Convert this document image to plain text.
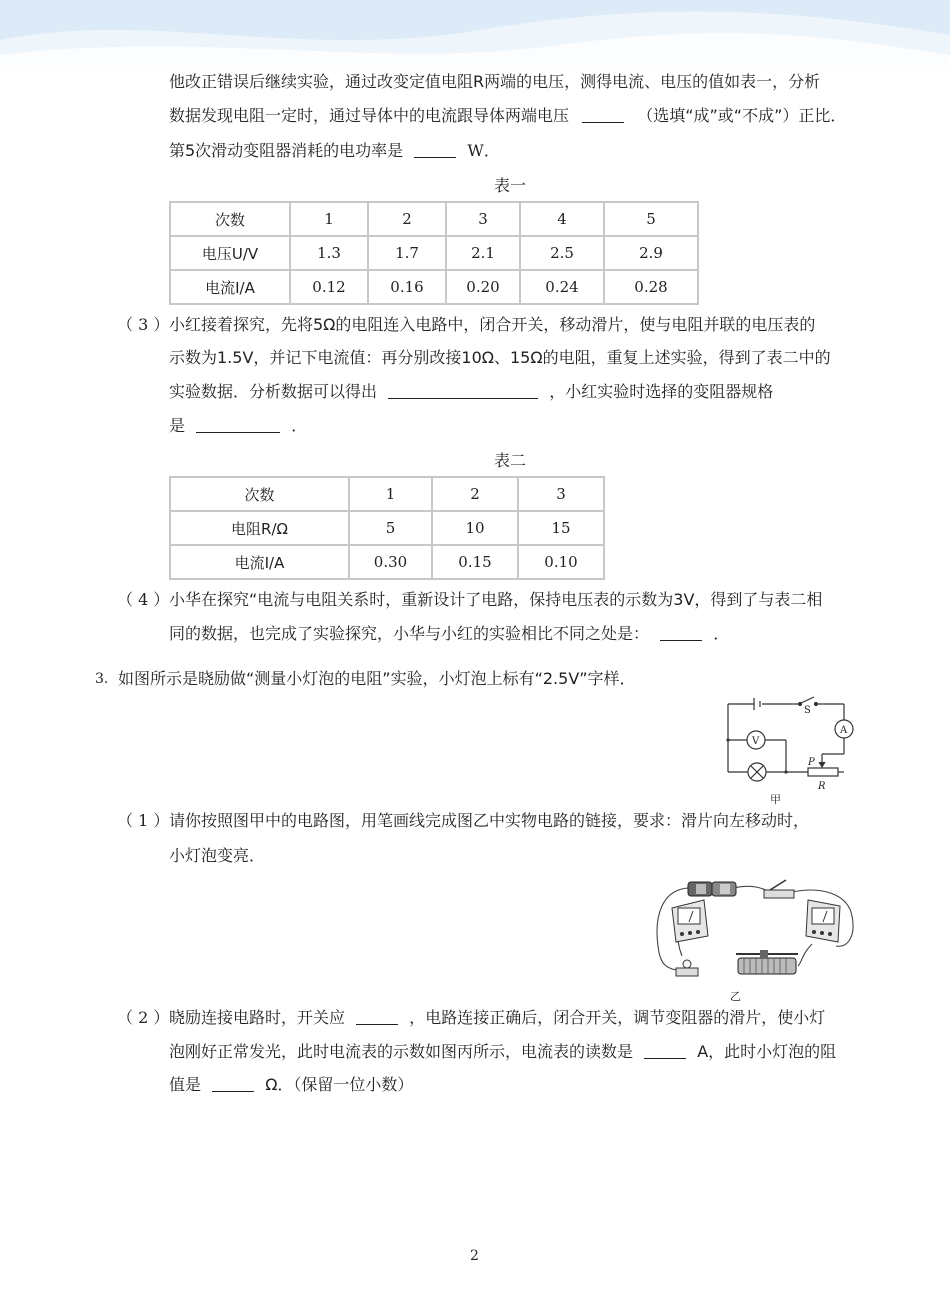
他改正错误后继续实验，通过改变定值电阻R两端的电压，测得电流、电压的值如表一，分析
数据发现电阻一定时，通过导体中的电流跟导体两端电压	（选填“成”或“不成”）正比．
第5次滑动变阻器消耗的电功率是	W．
表一
次数	1	2	3	4	5
电压U/V	1.3	1.7	2.1	2.5	2.9
电流I/A	0.12	0.16	0.20	0.24	0.28
（ 3 ） 小红接着探究，先将5Ω的电阻连入电路中，闭合开关，移动滑片，使与电阻并联的电压表的
示数为1.5V，并记下电流值：再分别改接10Ω、15Ω的电阻，重复上述实验，得到了表二中的
实验数据．分析数据可以得出	，小红实验时选择的变阻器规格
是	．
表二
次数	1	2	3
电阻R/Ω	5	10	15
电流I/A	0.30	0.15	0.10
（ 4 ） 小华在探究“电流与电阻关系时，重新设计了电路，保持电压表的示数为3V，得到了与表二相
同的数据，也完成了实验探究，小华与小红的实验相比不同之处是：	．
3. 如图所示是晓励做“测量小灯泡的电阻”实验，小灯泡上标有“2.5V”字样．
S
A
V
P
R
甲
（ 1 ） 请你按照图甲中的电路图，用笔画线完成图乙中实物电路的链接，要求：滑片向左移动时，
小灯泡变亮．
乙
（ 2 ） 晓励连接电路时，开关应	，电路连接正确后，闭合开关，调节变阻器的滑片，使小灯
泡刚好正常发光，此时电流表的示数如图丙所示，电流表的读数是	A，此时小灯泡的阻
值是	Ω．（保留一位小数）
2
